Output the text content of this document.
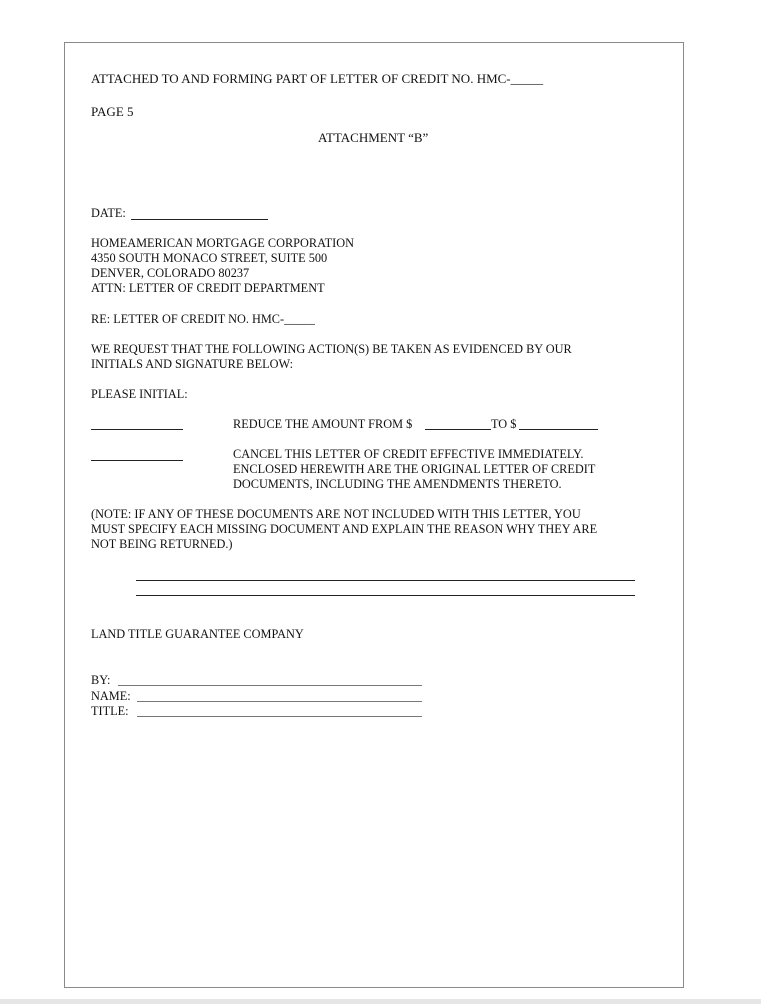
ATTACHED TO AND FORMING PART OF LETTER OF CREDIT NO. HMC-_____
PAGE 5
ATTACHMENT “B”
DATE:
HOMEAMERICAN MORTGAGE CORPORATION
4350 SOUTH MONACO STREET, SUITE 500
DENVER, COLORADO 80237
ATTN: LETTER OF CREDIT DEPARTMENT
RE: LETTER OF CREDIT NO. HMC-_____
WE REQUEST THAT THE FOLLOWING ACTION(S) BE TAKEN AS EVIDENCED BY OUR
INITIALS AND SIGNATURE BELOW:
PLEASE INITIAL:
REDUCE THE AMOUNT FROM $	TO $
CANCEL THIS LETTER OF CREDIT EFFECTIVE IMMEDIATELY.
ENCLOSED HEREWITH ARE THE ORIGINAL LETTER OF CREDIT
DOCUMENTS, INCLUDING THE AMENDMENTS THERETO.
(NOTE: IF ANY OF THESE DOCUMENTS ARE NOT INCLUDED WITH THIS LETTER, YOU
MUST SPECIFY EACH MISSING DOCUMENT AND EXPLAIN THE REASON WHY THEY ARE
NOT BEING RETURNED.)
LAND TITLE GUARANTEE COMPANY
BY:
NAME:
TITLE:
